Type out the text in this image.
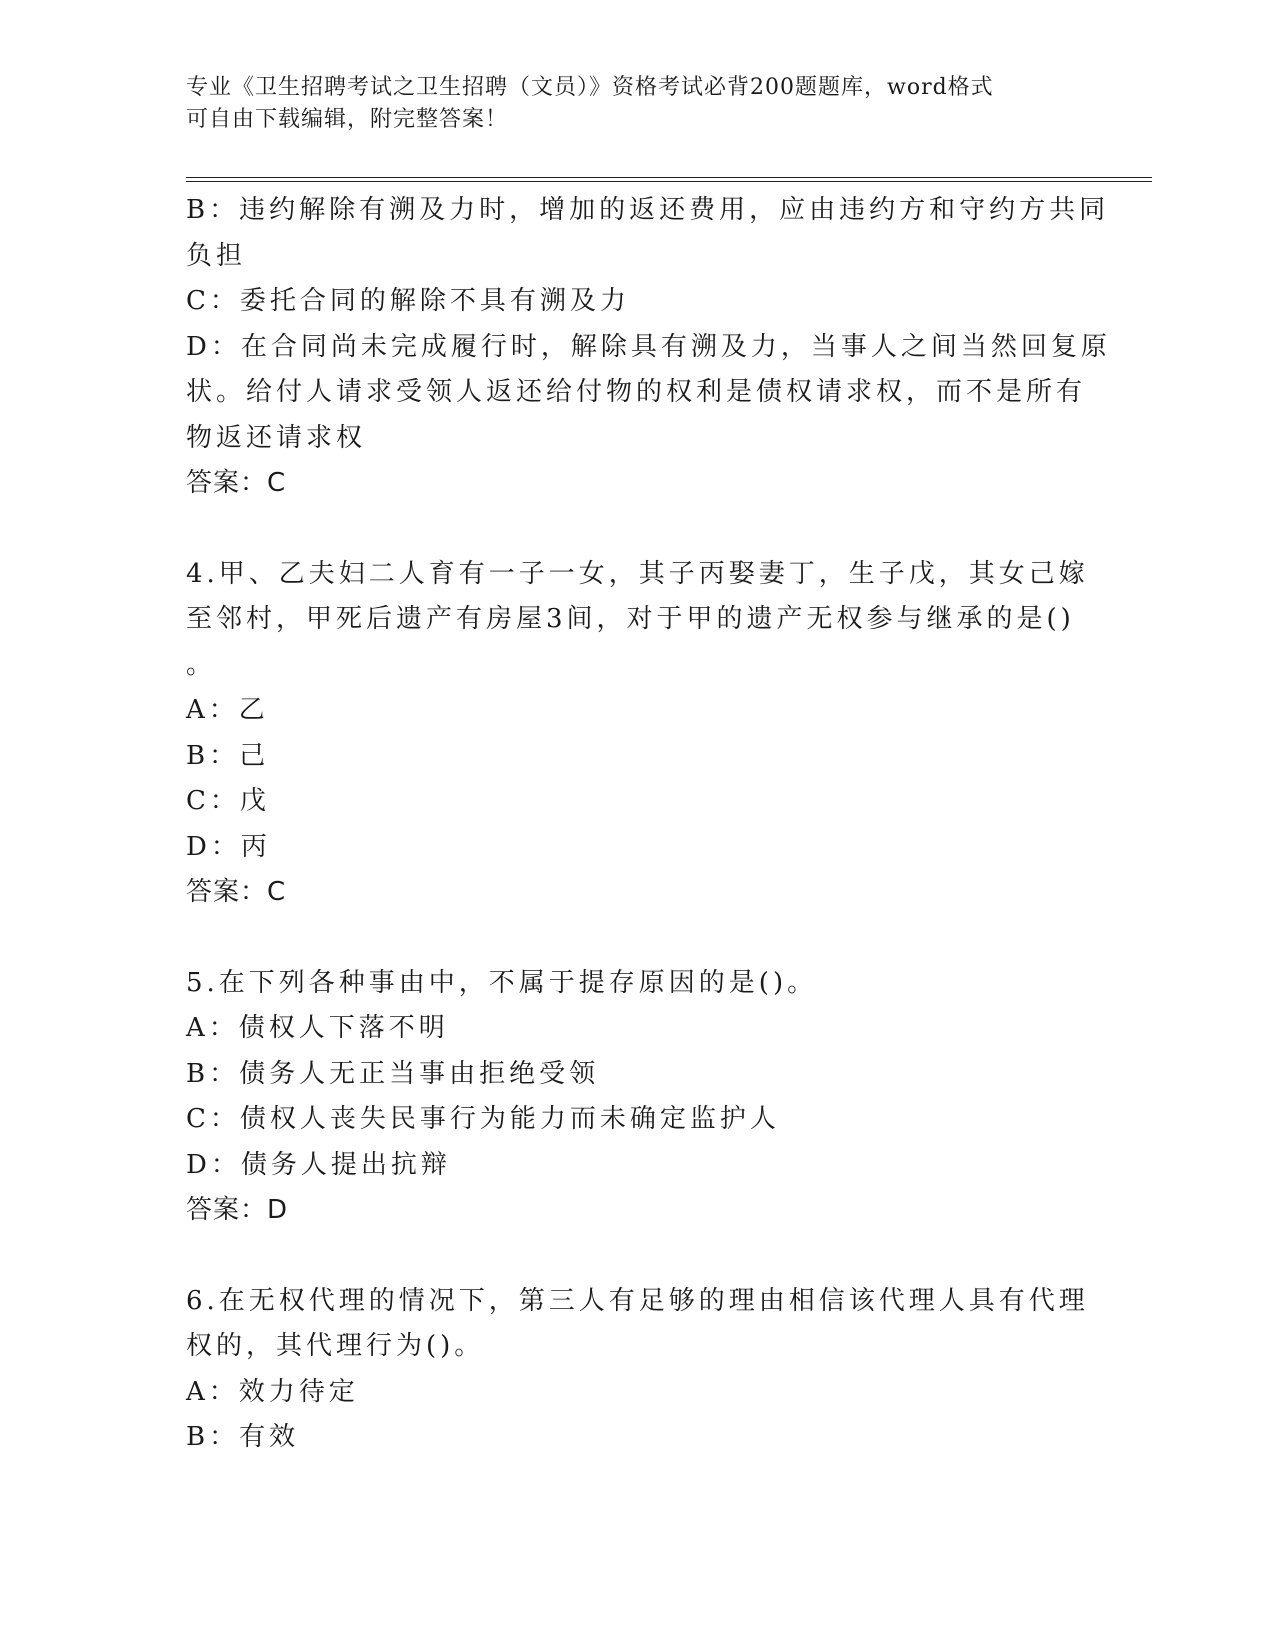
专业《卫生招聘考试之卫生招聘（文员）》资格考试必背200题题库，word格式
可自由下载编辑，附完整答案！
B：违约解除有溯及力时，增加的返还费用，应由违约方和守约方共同
负担
C：委托合同的解除不具有溯及力
D：在合同尚未完成履行时，解除具有溯及力，当事人之间当然回复原
状。给付人请求受领人返还给付物的权利是债权请求权，而不是所有
物返还请求权
答案：C
4.甲、乙夫妇二人育有一子一女，其子丙娶妻丁，生子戊，其女己嫁
至邻村，甲死后遗产有房屋3间，对于甲的遗产无权参与继承的是()
。
A：乙
B：己
C：戊
D：丙
答案：C
5.在下列各种事由中，不属于提存原因的是()。
A：债权人下落不明
B：债务人无正当事由拒绝受领
C：债权人丧失民事行为能力而未确定监护人
D：债务人提出抗辩
答案：D
6.在无权代理的情况下，第三人有足够的理由相信该代理人具有代理
权的，其代理行为()。
A：效力待定
B：有效
